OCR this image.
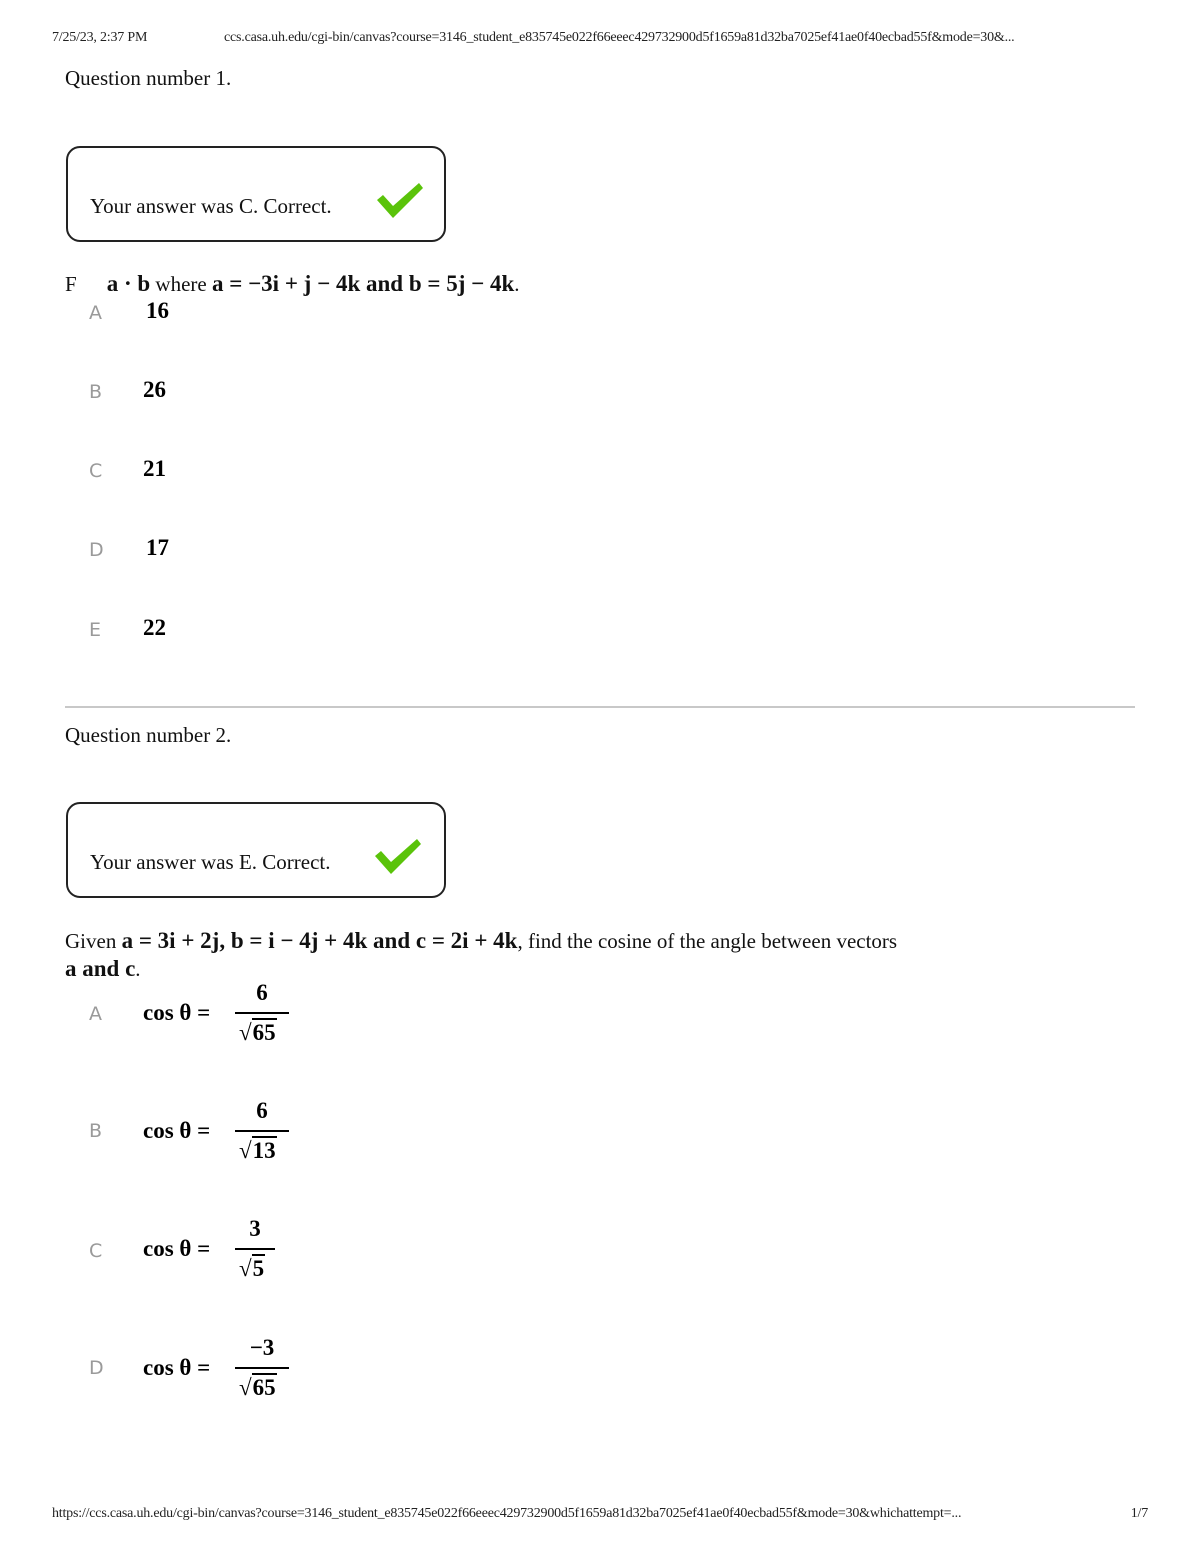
7/25/23, 2:37 PM	ccs.casa.uh.edu/cgi-bin/canvas?course=3146_student_e835745e022f66eeec429732900d5f1659a81d32ba7025ef41ae0f40ecbad55f&mode=30&...
Question number 1.
Your answer was C. Correct.
F a · b where a = −3i + j − 4k and b = 5j − 4k.
A 16
B 26
C 21
D 17
E 22
Question number 2.
Your answer was E. Correct.
Given a = 3i + 2j, b = i − 4j + 4k and c = 2i + 4k, find the cosine of the angle between vectors
a and c.
A cos θ =
6
√65
B cos θ =
6
√13
C cos θ =
3
√5
D cos θ =
−3
√65
https://ccs.casa.uh.edu/cgi-bin/canvas?course=3146_student_e835745e022f66eeec429732900d5f1659a81d32ba7025ef41ae0f40ecbad55f&mode=30&whichattempt=...	1/7
